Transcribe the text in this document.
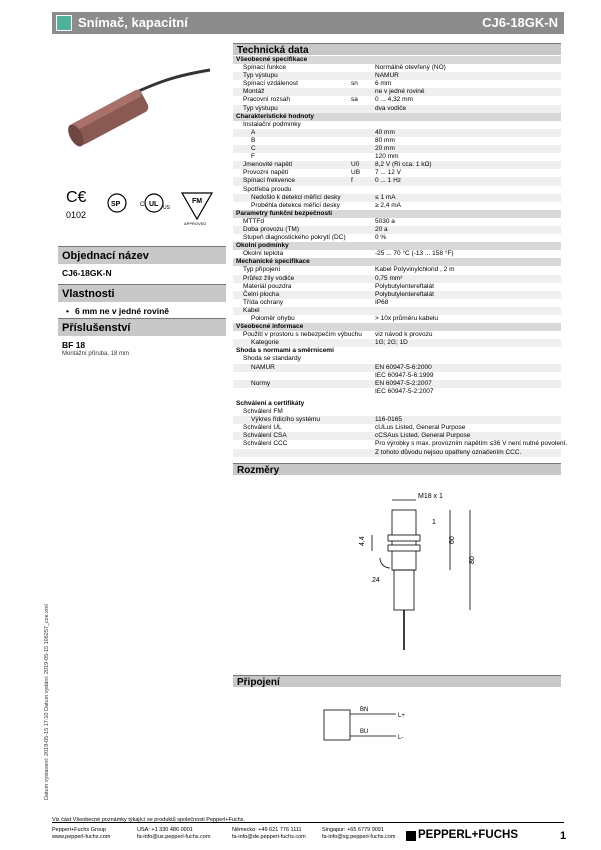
Snímač, kapacitní	CJ6-18GK-N
C€
0102
SP	UL
C	US
FM
APPROVED
Objednací název
CJ6-18GK-N
Vlastnosti
• 6 mm ne v jedné rovině
Příslušenství
BF 18
Montážní příruba, 18 mm
Datum vystavení: 2019-05-15 17:10 Datum vydání: 2019-05-15 106257_cze.xml
Technická data
Všeobecné specifikace
Spínací funkce	Normálně otevřený (NO)
Typ výstupu	NAMUR
Spínací vzdálenost	sn	6 mm
Montáž	ne v jedné rovině
Pracovní rozsah	sa	0 ... 4,32 mm
Typ výstupu	dva vodiče
Charakteristické hodnoty
Instalační podmínky
A	40 mm
B	80 mm
C	20 mm
F	120 mm
Jmenovité napětí	U0 8,2 V (Ri cca. 1 kΩ)
Provozní napětí	UB 7 ... 12 V
Spínací frekvence	f	0 ... 1 Hz
Spotřeba proudu
Nedošlo k detekci měřicí desky	≤ 1 mA
Proběhla detekce měřicí desky	≥ 2,4 mA
Parametry funkční bezpečnosti
MTTFd	5030 a
Doba provozu (TM)	20 a
Stupeň diagnostického pokrytí (DC)	0 %
Okolní podmínky
Okolní teplota	-25 ... 70 °C (-13 ... 158 °F)
Mechanické specifikace
Typ připojení	Kabel Polyvinylchlorid , 2 m
Průřez žíly vodiče	0,75 mm²
Materiál pouzdra	Polybutylentereftalát
Čelní plocha	Polybutylentereftalát
Třída ochrany	IP68
Kabel
Poloměr ohybu	> 10x průměru kabelu
Všeobecné informace
Použití v prostoru s nebezpečím výbuchu viz návod k provozu
Kategorie	1G; 2G; 1D
Shoda s normami a směrnicemi
Shoda se standardy
NAMUR	EN 60947-5-6:2000
IEC 60947-5-6:1999
Normy	EN 60947-5-2:2007
IEC 60947-5-2:2007
Schválení a certifikáty
Schválení FM
Výkres řídicího systému	116-0165
Schválení UL	cULus Listed, General Purpose
Schválení CSA	cCSAus Listed, General Purpose
Schválení CCC	Pro výrobky s max. provozním napětím ≤36 V není nutné povolení.
Z tohoto důvodu nejsou opatřeny označením CCC.
Rozměry
M18 x 1
4,4
24
60
80
1
Připojení
BN
BU
L+
L-
Viz část Všeobecné poznámky týkající se produktů společnosti Pepperl+Fuchs.
Pepperl+Fuchs Group
www.pepperl-fuchs.com
USA: +1 330 486 0001
fa-info@us.pepperl-fuchs.com
Německo: +49 621 776 1111
fa-info@de.pepperl-fuchs.com
Singapur: +65 6779 9091
fa-info@sg.pepperl-fuchs.com PEPPERL+FUCHS	1
